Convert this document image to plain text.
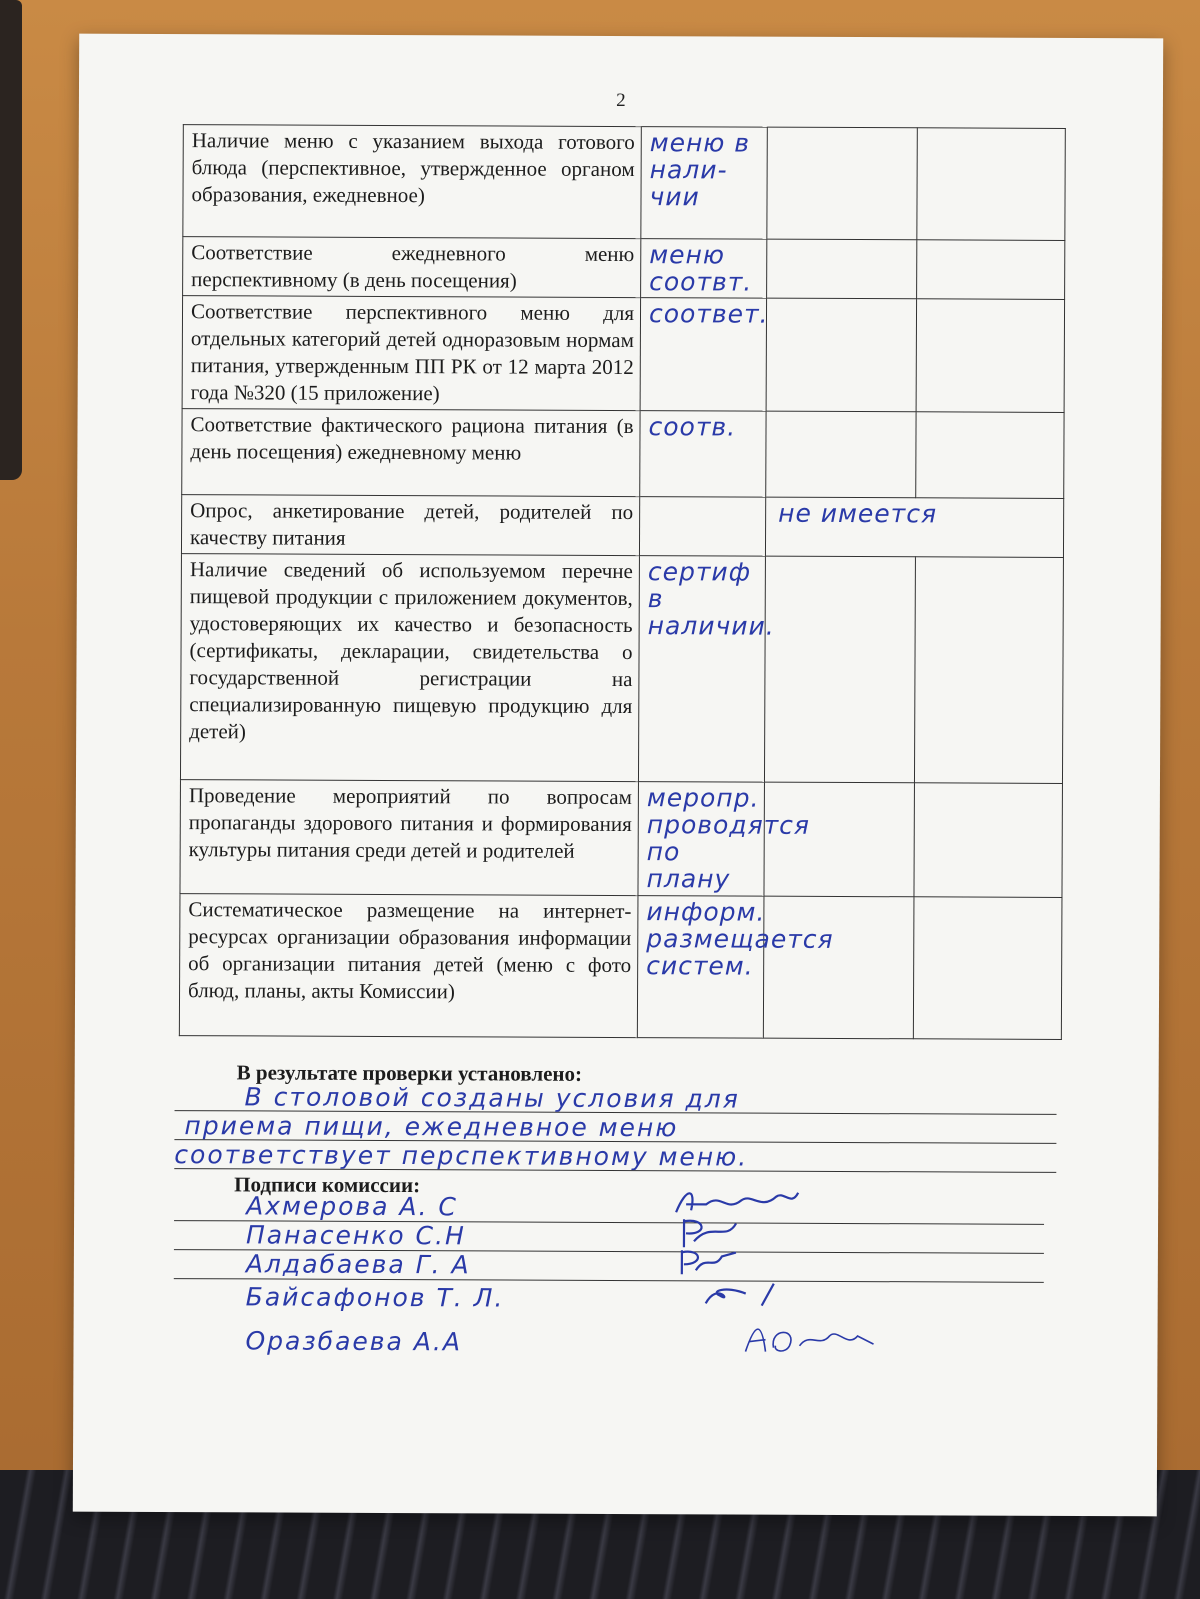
2
Наличие меню с указанием выхода готового блюда (перспективное, утвержденное органом образования, ежедневное)	меню в нали- чии		
Соответствие ежедневного меню перспективному (в день посещения)	меню соотвт.		
Соответствие перспективного меню для отдельных категорий детей одноразовым нормам питания, утвержденным ПП РК от 12 марта 2012 года №320 (15 приложение)	соответ.		
Соответствие фактического рациона питания (в день посещения) ежедневному меню	соотв.		
Опрос, анкетирование детей, родителей по качеству питания		не имеется	
Наличие сведений об используемом перечне пищевой продукции с приложением документов, удостоверяющих их качество и безопасность (сертификаты, декларации, свидетельства о государственной регистрации на специализированную пищевую продукцию для детей)	сертиф в наличии.		
Проведение мероприятий по вопросам пропаганды здорового питания и формирования культуры питания среди детей и родителей	меропр. проводятся по плану		
Систематическое размещение на интернет-ресурсах организации образования информации об организации питания детей (меню с фото блюд, планы, акты Комиссии)	информ. размещается систем.		
В результате проверки установлено:
В столовой созданы условия для
приема пищи, ежедневное меню
соответствует перспективному меню.
Подписи комиссии:
Ахмерова А. С
Панасенко С.Н
Алдабаева Г. А
Байсафонов Т. Л.
Оразбаева А.А
